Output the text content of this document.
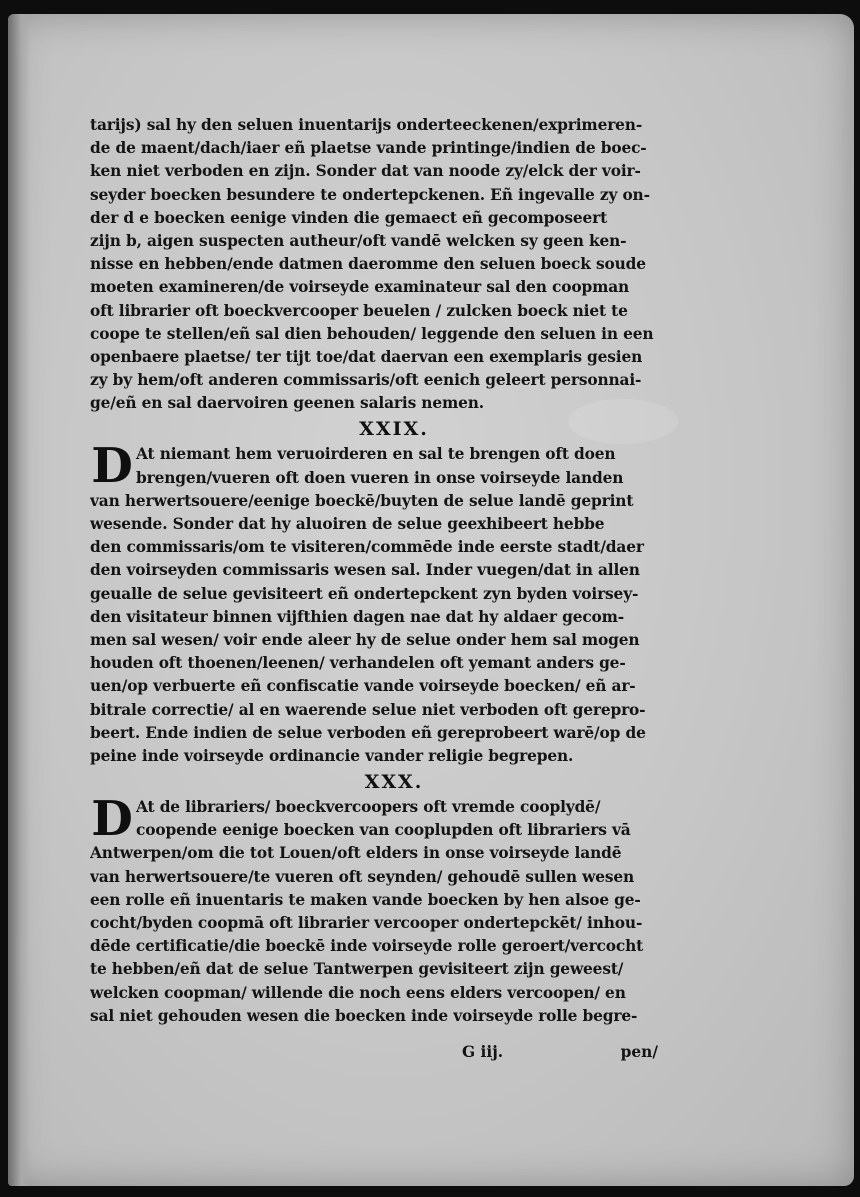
tarijs) sal hy den seluen inuentarijs onderteeckenen/exprimeren-
de de maent/dach/iaer eñ plaetse vande printinge/indien de boec-
ken niet verboden en zijn. Sonder dat van noode zy/elck der voir-
seyder boecken besundere te ondertepckenen. Eñ ingevalle zy on-
der d e boecken eenige vinden die gemaect eñ gecomposeert
zijn b, aigen suspecten autheur/oft vandē welcken sy geen ken-
nisse en hebben/ende datmen daeromme den seluen boeck soude
moeten examineren/de voirseyde examinateur sal den coopman
oft librarier oft boeckvercooper beuelen / zulcken boeck niet te
coope te stellen/eñ sal dien behouden/ leggende den seluen in een
openbaere plaetse/ ter tijt toe/dat daervan een exemplaris gesien
zy by hem/oft anderen commissaris/oft eenich geleert personnai-
ge/eñ en sal daervoiren geenen salaris nemen.
XXIX.
D At niemant hem veruoirderen en sal te brengen oft doen
brengen/vueren oft doen vueren in onse voirseyde landen
van herwertsouere/eenige boeckē/buyten de selue landē geprint
wesende. Sonder dat hy aluoiren de selue geexhibeert hebbe
den commissaris/om te visiteren/commēde inde eerste stadt/daer
den voirseyden commissaris wesen sal. Inder vuegen/dat in allen
geualle de selue gevisiteert eñ ondertepckent zyn byden voirsey-
den visitateur binnen vijfthien dagen nae dat hy aldaer gecom-
men sal wesen/ voir ende aleer hy de selue onder hem sal mogen
houden oft thoenen/leenen/ verhandelen oft yemant anders ge-
uen/op verbuerte eñ confiscatie vande voirseyde boecken/ eñ ar-
bitrale correctie/ al en waerende selue niet verboden oft gerepro-
beert. Ende indien de selue verboden eñ gereprobeert warē/op de
peine inde voirseyde ordinancie vander religie begrepen.
XXX.
D At de librariers/ boeckvercoopers oft vremde cooplydē/
coopende eenige boecken van cooplupden oft librariers vā
Antwerpen/om die tot Louen/oft elders in onse voirseyde landē
van herwertsouere/te vueren oft seynden/ gehoudē sullen wesen
een rolle eñ inuentaris te maken vande boecken by hen alsoe ge-
cocht/byden coopmā oft librarier vercooper ondertepckēt/ inhou-
dēde certificatie/die boeckē inde voirseyde rolle geroert/vercocht
te hebben/eñ dat de selue Tantwerpen gevisiteert zijn geweest/
welcken coopman/ willende die noch eens elders vercoopen/ en
sal niet gehouden wesen die boecken inde voirseyde rolle begre-
G iij.	pen/
